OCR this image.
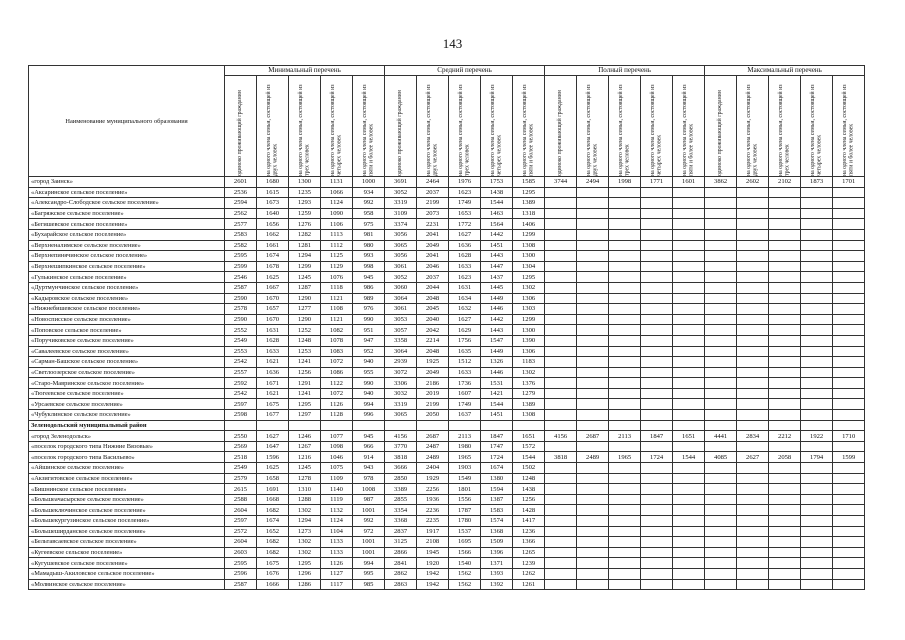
143
Наименование муниципального образования	Минимальный перечень					Средний перечень					Полный перечень					Максимальный перечень				

	одиноко проживающий гражданин	на одного члена семьи, состоящей из двух человек	на одного члена семьи, состоящей из трех человек	на одного члена семьи, состоящей из четырех человек	на одного члена семьи, состоящей из пяти и более человек	одиноко проживающий гражданин	на одного члена семьи, состоящей из двух человек	на одного члена семьи, состоящей из трех человек	на одного члена семьи, состоящей из четырех человек	на одного члена семьи, состоящей из пяти и более человек	одиноко проживающий гражданин	на одного члена семьи, состоящей из двух человек	на одного члена семьи, состоящей из трех человек	на одного члена семьи, состоящей из четырех человек	на одного члена семьи, состоящей из пяти и более человек	одиноко проживающий гражданин	на одного члена семьи, состоящей из двух человек	на одного члена семьи, состоящей из трех человек	на одного члена семьи, состоящей из четырех человек	на одного члена семьи, состоящей из пяти и более человек

«город Заинск»	2601	1680	1300	1131	1000	3691	2464	1976	1753	1585	3744	2494	1998	1771	1601	3862	2602	2102	1873	1701
«Аксаринское сельское поселение»	2536	1615	1235	1066	934	3052	2037	1623	1438	1295										
«Александро-Слободское сельское поселение»	2594	1673	1293	1124	992	3319	2199	1749	1544	1389										
«Багряжское сельское поселение»	2562	1640	1259	1090	958	3109	2073	1653	1463	1318										
«Бегишевское сельское поселение»	2577	1656	1276	1106	975	3374	2231	1772	1564	1406										
«Бухарайское сельское поселение»	2583	1662	1282	1113	981	3056	2041	1627	1442	1299										
«Верхненалимское сельское поселение»	2582	1661	1281	1112	980	3065	2049	1636	1451	1308										
«Верхнепинячинское сельское поселение»	2595	1674	1294	1125	993	3056	2041	1628	1443	1300										
«Верхнешипкинское сельское поселение»	2599	1678	1299	1129	998	3061	2046	1633	1447	1304										
«Гулькинское сельское поселение»	2546	1625	1245	1076	945	3052	2037	1623	1437	1295										
«Дуртмунчинское сельское поселение»	2587	1667	1287	1118	986	3060	2044	1631	1445	1302										
«Кадыровское сельское поселение»	2590	1670	1290	1121	989	3064	2048	1634	1449	1306										
«Нижнебишевское сельское поселение»	2578	1657	1277	1108	976	3061	2045	1632	1446	1303										
«Новосписское сельское поселение»	2590	1670	1290	1121	990	3053	2040	1627	1442	1299										
«Поповское сельское поселение»	2552	1631	1252	1082	951	3057	2042	1629	1443	1300										
«Поручиковское сельское поселение»	2549	1628	1248	1078	947	3358	2214	1756	1547	1390										
«Савалеевское сельское поселение»	2553	1633	1253	1083	952	3064	2048	1635	1449	1306										
«Сарман-Башское сельское поселение»	2542	1621	1241	1072	940	2939	1925	1512	1326	1183										
«Светлоозерское сельское поселение»	2557	1636	1256	1086	955	3072	2049	1633	1446	1302										
«Старо-Мавринское сельское поселение»	2592	1671	1291	1122	990	3306	2186	1736	1531	1376										
«Тюгеевское сельское поселение»	2542	1621	1241	1072	940	3032	2019	1607	1421	1279										
«Урсаевское сельское поселение»	2597	1675	1295	1126	994	3319	2199	1749	1544	1389										
«Чубуклинское сельское поселение»	2598	1677	1297	1128	996	3065	2050	1637	1451	1308										
Зеленодольский муниципальный район																				
«город Зеленодольск»	2550	1627	1246	1077	945	4156	2687	2113	1847	1651	4156	2687	2113	1847	1651	4441	2834	2212	1922	1710
«поселок городского типа Нижние Вязовые»	2569	1647	1267	1098	966	3770	2487	1980	1747	1572										
«поселок городского типа Васильево»	2518	1596	1216	1046	914	3818	2489	1965	1724	1544	3818	2489	1965	1724	1544	4085	2627	2058	1794	1599
«Айшинское сельское поселение»	2549	1625	1245	1075	943	3666	2404	1903	1674	1502										
«Акзигитовское сельское поселение»	2579	1658	1278	1109	978	2850	1929	1549	1380	1248										
«Бишнинское сельское поселение»	2615	1691	1310	1140	1008	3389	2256	1801	1594	1438										
«Большеачасырское сельское поселение»	2588	1668	1288	1119	987	2855	1936	1556	1387	1256										
«Большеключинское сельское поселение»	2604	1682	1302	1132	1001	3354	2236	1787	1583	1428										
«Большекургузинское сельское поселение»	2597	1674	1294	1124	992	3368	2235	1780	1574	1417										
«Большеширданское сельское поселение»	2572	1652	1273	1104	972	2837	1917	1537	1368	1236										
«Бельтавсаевское сельское поселение»	2604	1682	1302	1133	1001	3125	2108	1695	1509	1366										
«Кугеевское сельское поселение»	2603	1682	1302	1133	1001	2866	1945	1566	1396	1265										
«Кугушевское сельское поселение»	2595	1675	1295	1126	994	2841	1920	1540	1371	1239										
«Мамадыш-Акиловское сельское поселение»	2596	1676	1296	1127	995	2862	1942	1562	1393	1262										
«Молвинское сельское поселение»	2587	1666	1286	1117	985	2863	1942	1562	1392	1261										
